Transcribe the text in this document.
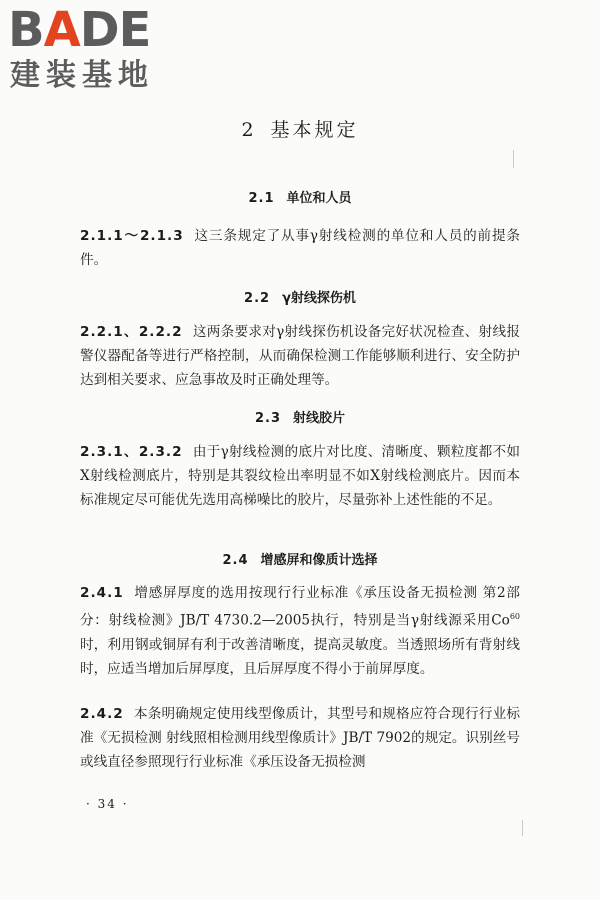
BADE
建装基地
2 基本规定
2.1 单位和人员
2.1.1～2.1.3 这三条规定了从事γ射线检测的单位和人员的前提条件。
2.2 γ射线探伤机
2.2.1、2.2.2 这两条要求对γ射线探伤机设备完好状况检查、射线报警仪器配备等进行严格控制，从而确保检测工作能够顺利进行、安全防护达到相关要求、应急事故及时正确处理等。
2.3 射线胶片
2.3.1、2.3.2 由于γ射线检测的底片对比度、清晰度、颗粒度都不如X射线检测底片，特别是其裂纹检出率明显不如X射线检测底片。因而本标准规定尽可能优先选用高梯噪比的胶片，尽量弥补上述性能的不足。
2.4 增感屏和像质计选择
2.4.1 增感屏厚度的选用按现行行业标准《承压设备无损检测 第2部分：射线检测》JB/T 4730.2—2005执行，特别是当γ射线源采用Co$^{60}$时，利用钢或铜屏有利于改善清晰度，提高灵敏度。当透照场所有背射线时，应适当增加后屏厚度，且后屏厚度不得小于前屏厚度。
2.4.2 本条明确规定使用线型像质计，其型号和规格应符合现行行业标准《无损检测 射线照相检测用线型像质计》JB/T 7902的规定。识别丝号或线直径参照现行行业标准《承压设备无损检测
· 34 ·
